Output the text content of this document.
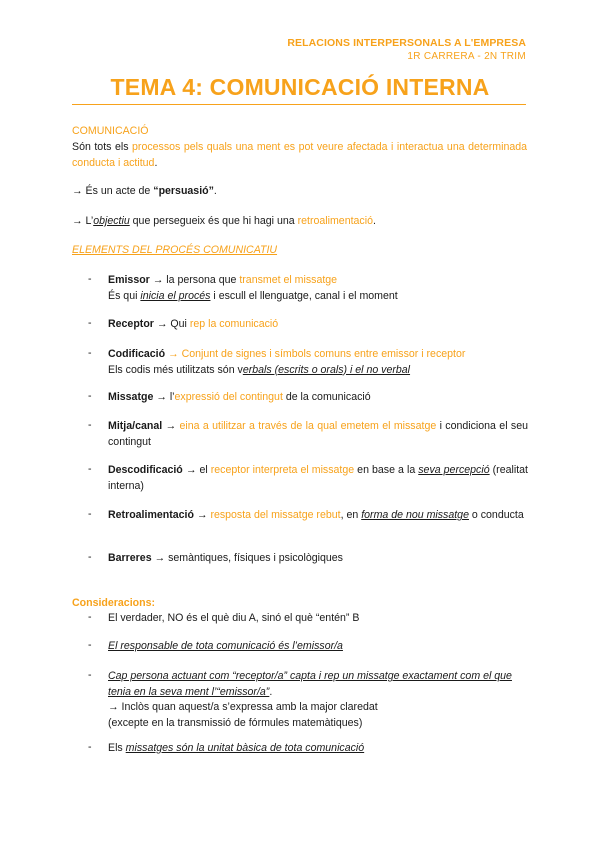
RELACIONS INTERPERSONALS A L'EMPRESA
1R CARRERA - 2N TRIM
TEMA 4: COMUNICACIÓ INTERNA
COMUNICACIÓ
Són tots els processos pels quals una ment es pot veure afectada i interactua una determinada conducta i actitud.
→ És un acte de “persuasió”.
→ L’objectiu que persegueix és que hi hagi una retroalimentació.
ELEMENTS DEL PROCÉS COMUNICATIU
- Emissor → la persona que transmet el missatge
És qui inicia el procés i escull el llenguatge, canal i el moment
- Receptor → Qui rep la comunicació
- Codificació → Conjunt de signes i símbols comuns entre emissor i receptor
Els codis més utilitzats són verbals (escrits o orals) i el no verbal
- Missatge → l’expressió del contingut de la comunicació
- Mitja/canal → eina a utilitzar a través de la qual emetem el missatge i condiciona el seu contingut
- Descodificació → el receptor interpreta el missatge en base a la seva percepció (realitat interna)
- Retroalimentació → resposta del missatge rebut, en forma de nou missatge o conducta
- Barreres → semàntiques, físiques i psicològiques
Consideracions:
- El verdader, NO és el què diu A, sinó el què “entén” B
- El responsable de tota comunicació és l’emissor/a
- Cap persona actuant com “receptor/a” capta i rep un missatge exactament com el que tenia en la seva ment l’“emissor/a”.
→ Inclòs quan aquest/a s’expressa amb la major claredat
(excepte en la transmissió de fórmules matemàtiques)
- Els missatges són la unitat bàsica de tota comunicació
